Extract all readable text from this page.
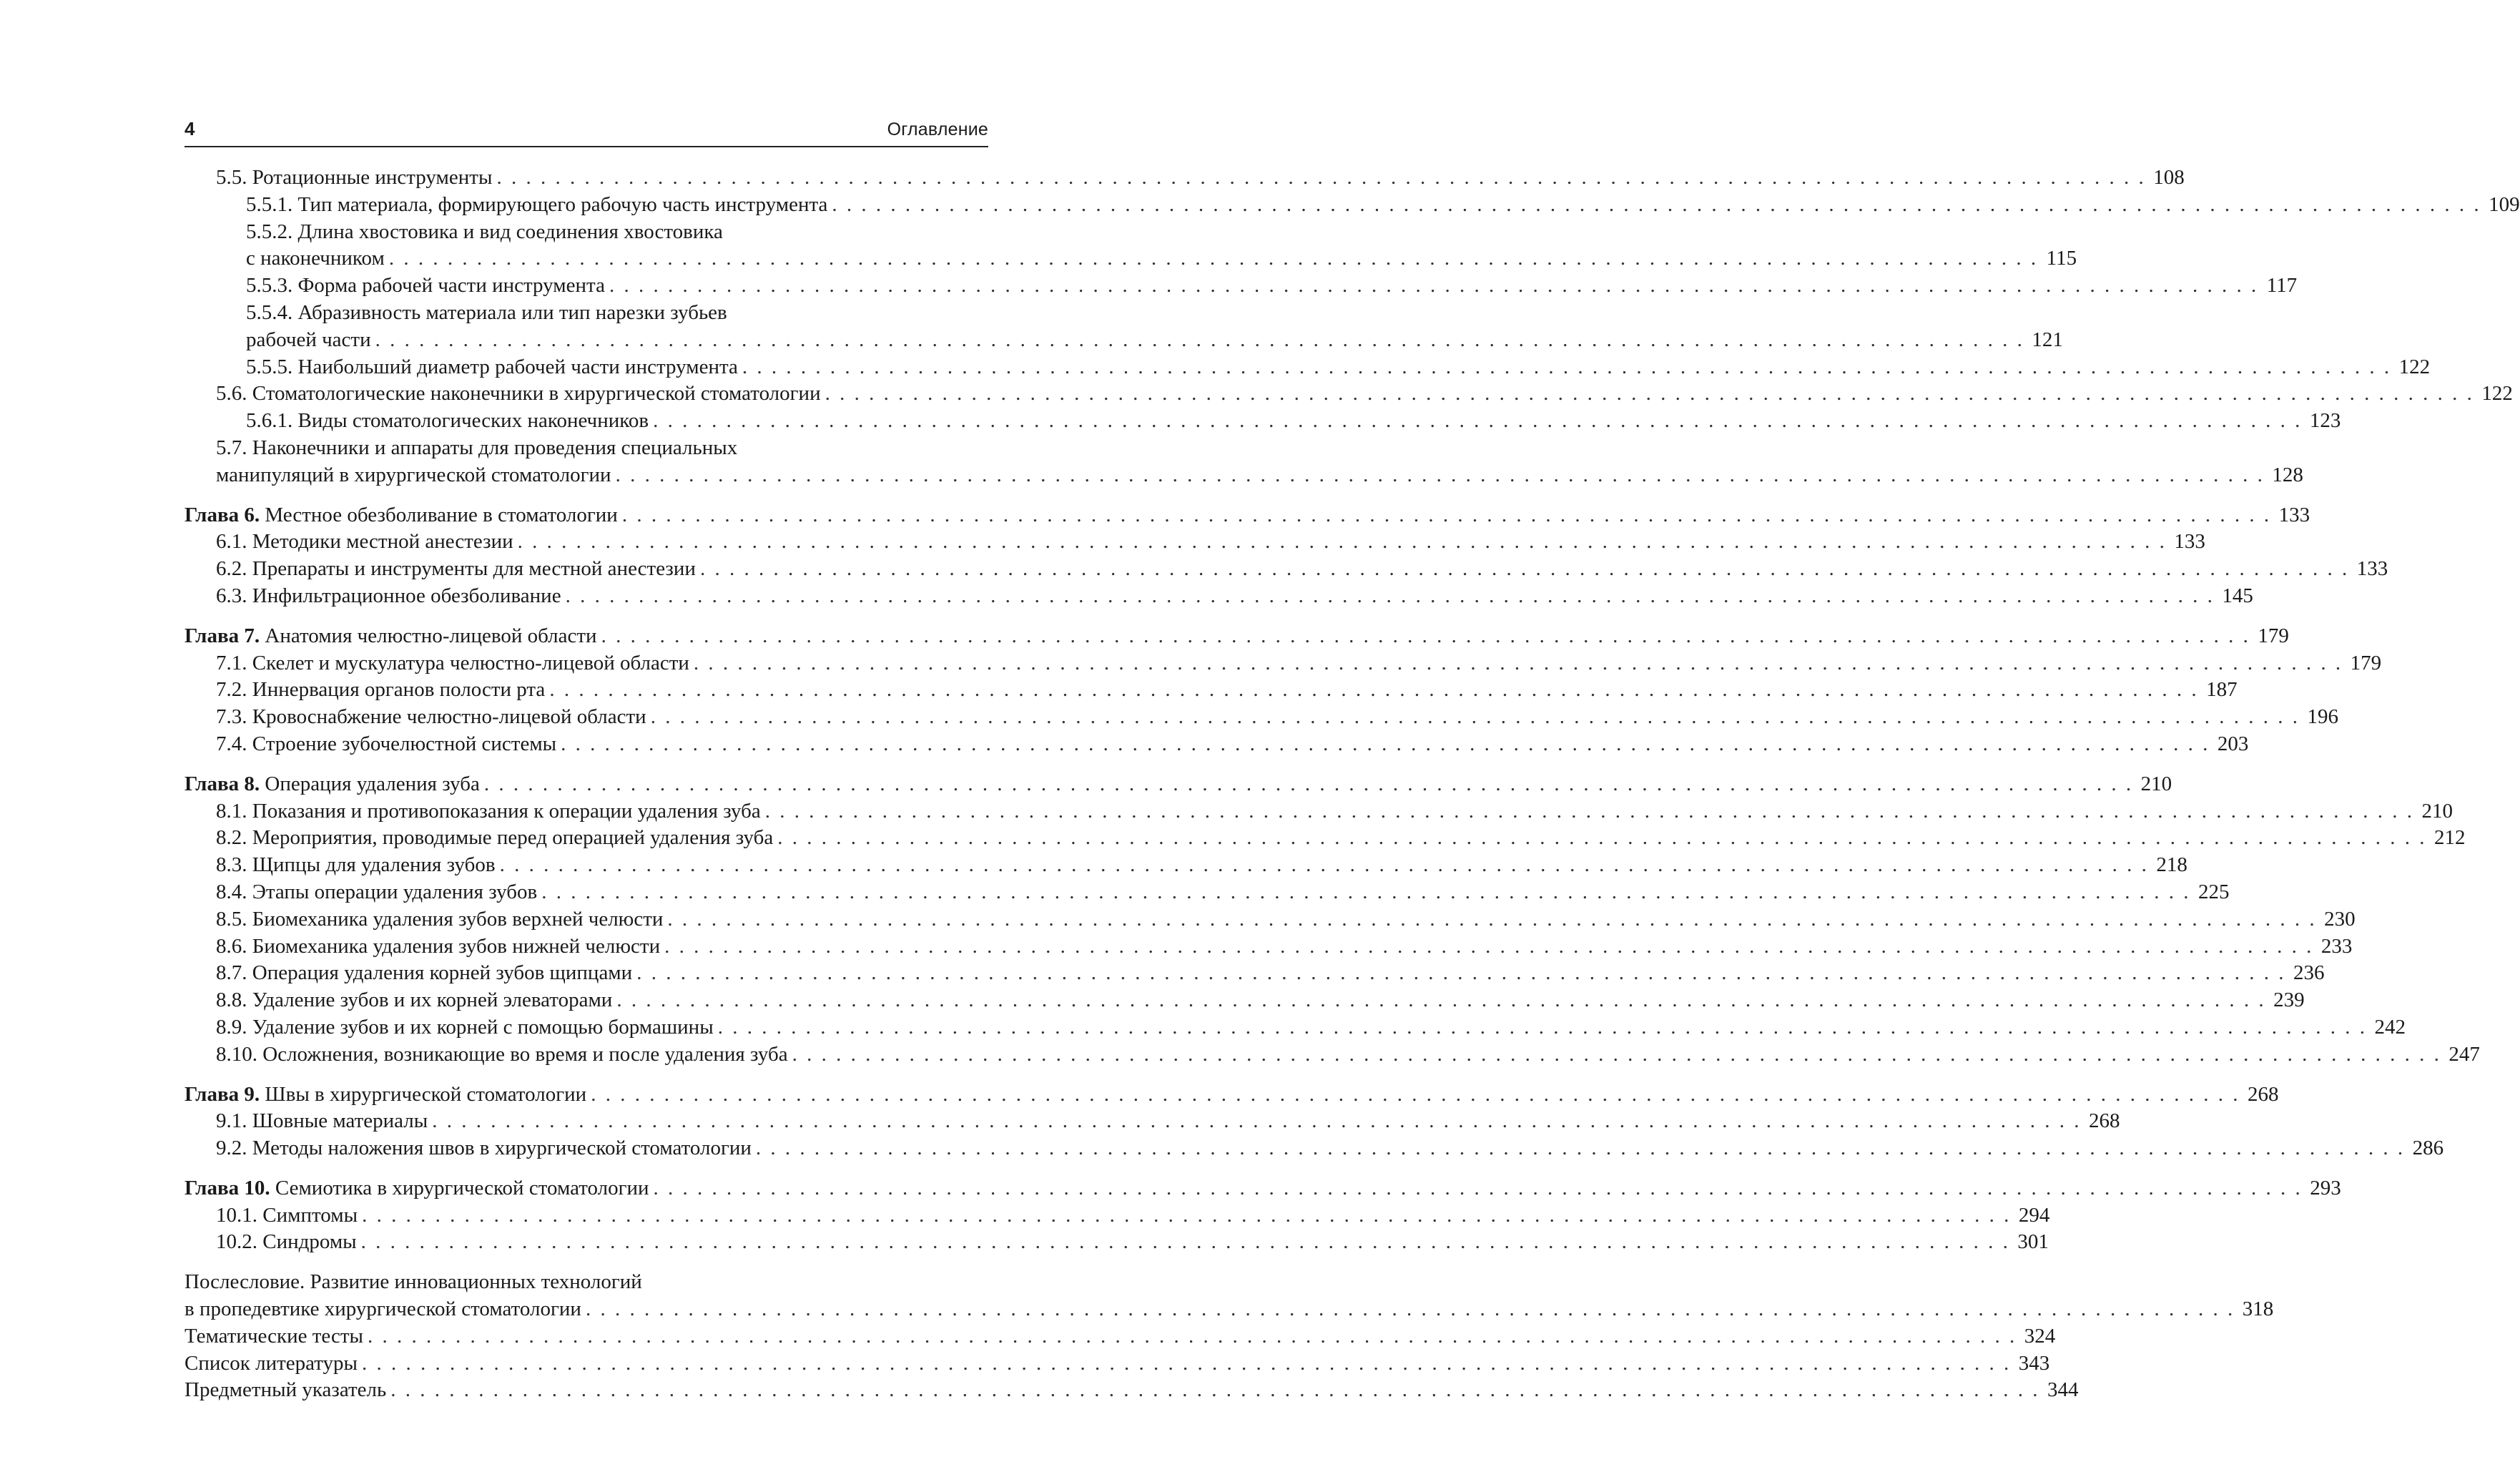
4	Оглавление
5.5. Ротационные инструменты . . .	108
5.5.1. Тип материала, формирующего рабочую часть инструмента . . .	109
5.5.2. Длина хвостовика и вид соединения хвостовика
с наконечником . . .	115
5.5.3. Форма рабочей части инструмента . . .	117
5.5.4. Абразивность материала или тип нарезки зубьев
рабочей части . . .	121
5.5.5. Наибольший диаметр рабочей части инструмента . . .	122
5.6. Стоматологические наконечники в хирургической стоматологии . . .	122
5.6.1. Виды стоматологических наконечников . . .	123
5.7. Наконечники и аппараты для проведения специальных
манипуляций в хирургической стоматологии . . .	128
Глава 6. Местное обезболивание в стоматологии . . .	133
6.1. Методики местной анестезии . . .	133
6.2. Препараты и инструменты для местной анестезии . . .	133
6.3. Инфильтрационное обезболивание . . .	145
Глава 7. Анатомия челюстно-лицевой области . . .	179
7.1. Скелет и мускулатура челюстно-лицевой области . . .	179
7.2. Иннервация органов полости рта . . .	187
7.3. Кровоснабжение челюстно-лицевой области . . .	196
7.4. Строение зубочелюстной системы . . .	203
Глава 8. Операция удаления зуба . . .	210
8.1. Показания и противопоказания к операции удаления зуба . . .	210
8.2. Мероприятия, проводимые перед операцией удаления зуба . . .	212
8.3. Щипцы для удаления зубов . . .	218
8.4. Этапы операции удаления зубов . . .	225
8.5. Биомеханика удаления зубов верхней челюсти . . .	230
8.6. Биомеханика удаления зубов нижней челюсти . . .	233
8.7. Операция удаления корней зубов щипцами . . .	236
8.8. Удаление зубов и их корней элеваторами . . .	239
8.9. Удаление зубов и их корней с помощью бормашины . . .	242
8.10. Осложнения, возникающие во время и после удаления зуба . . .	247
Глава 9. Швы в хирургической стоматологии . . .	268
9.1. Шовные материалы . . .	268
9.2. Методы наложения швов в хирургической стоматологии . . .	286
Глава 10. Семиотика в хирургической стоматологии . . .	293
10.1. Симптомы . . .	294
10.2. Синдромы . . .	301
Послесловие. Развитие инновационных технологий
в пропедевтике хирургической стоматологии . . .	318
Тематические тесты . . .	324
Список литературы . . .	343
Предметный указатель . . .	344
